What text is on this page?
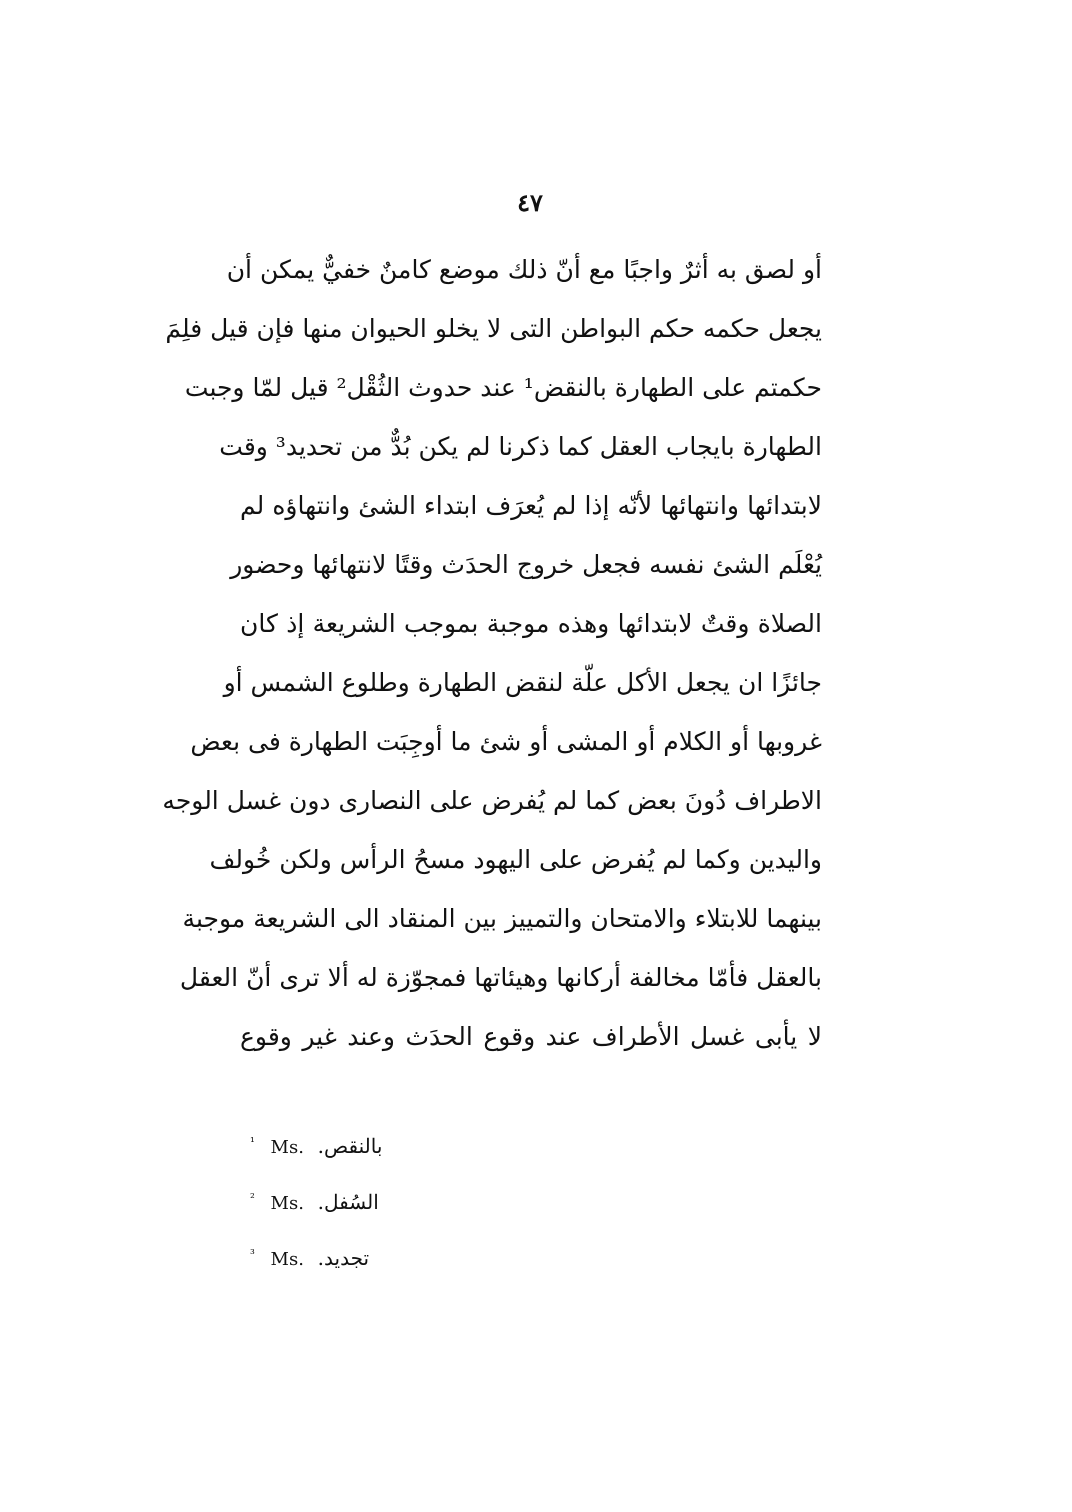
٤٧
أو لصق به أثرٌ واجبًا مع أنّ ذلك موضع كامنٌ خفيٌّ يمكن أن
يجعل حكمه حكم البواطن التى لا يخلو الحيوان منها فإن قيل فلِمَ
حكمتم على الطهارة بالنقض¹ عند حدوث الثُقْل² قيل لمّا وجبت
الطهارة بايجاب العقل كما ذكرنا لم يكن بُدٌّ من تحديد³ وقت
لابتدائها وانتهائها لأنّه إذا لم يُعرَف ابتداء الشئ وانتهاؤه لم
يُعْلَم الشئ نفسه فجعل خروج الحدَث وقتًا لانتهائها وحضور
الصلاة وقتٌ لابتدائها وهذه موجبة بموجب الشريعة إذ كان
جائزًا ان يجعل الأكل علّة لنقض الطهارة وطلوع الشمس أو
غروبها أو الكلام أو المشى أو شئ ما أوجِبَت الطهارة فى بعض
الاطراف دُونَ بعض كما لم يُفرض على النصارى دون غسل الوجه
واليدين وكما لم يُفرض على اليهود مسحُ الرأس ولكن خُولف
بينهما للابتلاء والامتحان والتمييز بين المنقاد الى الشريعة موجبة
بالعقل فأمّا مخالفة أركانها وهيئاتها فمجوّزة له ألا ترى أنّ العقل
لا يأبى غسل الأطراف عند وقوع الحدَث وعند غير وقوع
$^{^1}$ Ms. بالنقص.
$^{^2}$ Ms. السُفل.
$^{^3}$ Ms. تجديد.
